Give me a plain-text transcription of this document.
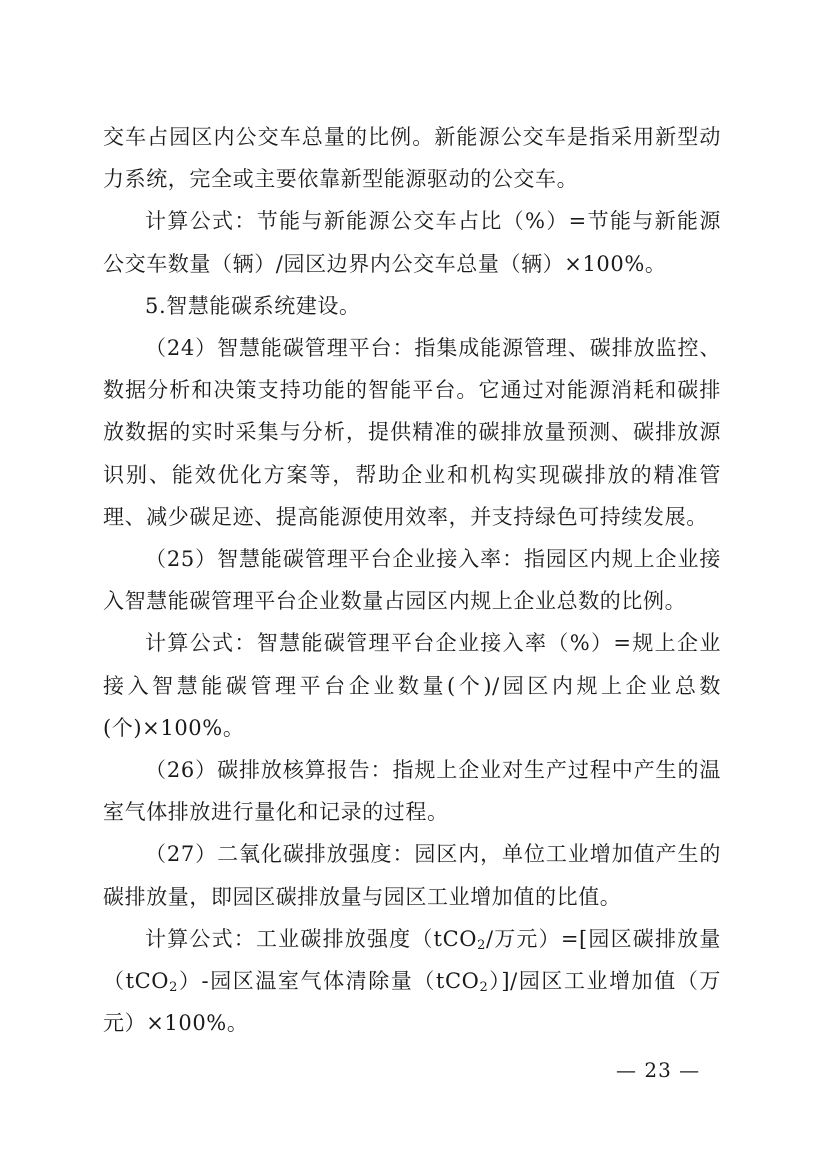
交车占园区内公交车总量的比例。新能源公交车是指采用新型动力系统，完全或主要依靠新型能源驱动的公交车。

计算公式：节能与新能源公交车占比（%）=节能与新能源公交车数量（辆）/园区边界内公交车总量（辆）×100%。

5.智慧能碳系统建设。

（24）智慧能碳管理平台：指集成能源管理、碳排放监控、数据分析和决策支持功能的智能平台。它通过对能源消耗和碳排放数据的实时采集与分析，提供精准的碳排放量预测、碳排放源识别、能效优化方案等，帮助企业和机构实现碳排放的精准管理、减少碳足迹、提高能源使用效率，并支持绿色可持续发展。

（25）智慧能碳管理平台企业接入率：指园区内规上企业接入智慧能碳管理平台企业数量占园区内规上企业总数的比例。

计算公式：智慧能碳管理平台企业接入率（%）=规上企业接入智慧能碳管理平台企业数量(个)/园区内规上企业总数(个)×100%。

（26）碳排放核算报告：指规上企业对生产过程中产生的温室气体排放进行量化和记录的过程。

（27）二氧化碳排放强度：园区内，单位工业增加值产生的碳排放量，即园区碳排放量与园区工业增加值的比值。

计算公式：工业碳排放强度（tCO$_2$/万元）=[园区碳排放量（tCO$_2$）-园区温室气体清除量（tCO$_2$）]/园区工业增加值（万元）×100%。

— 23 —
